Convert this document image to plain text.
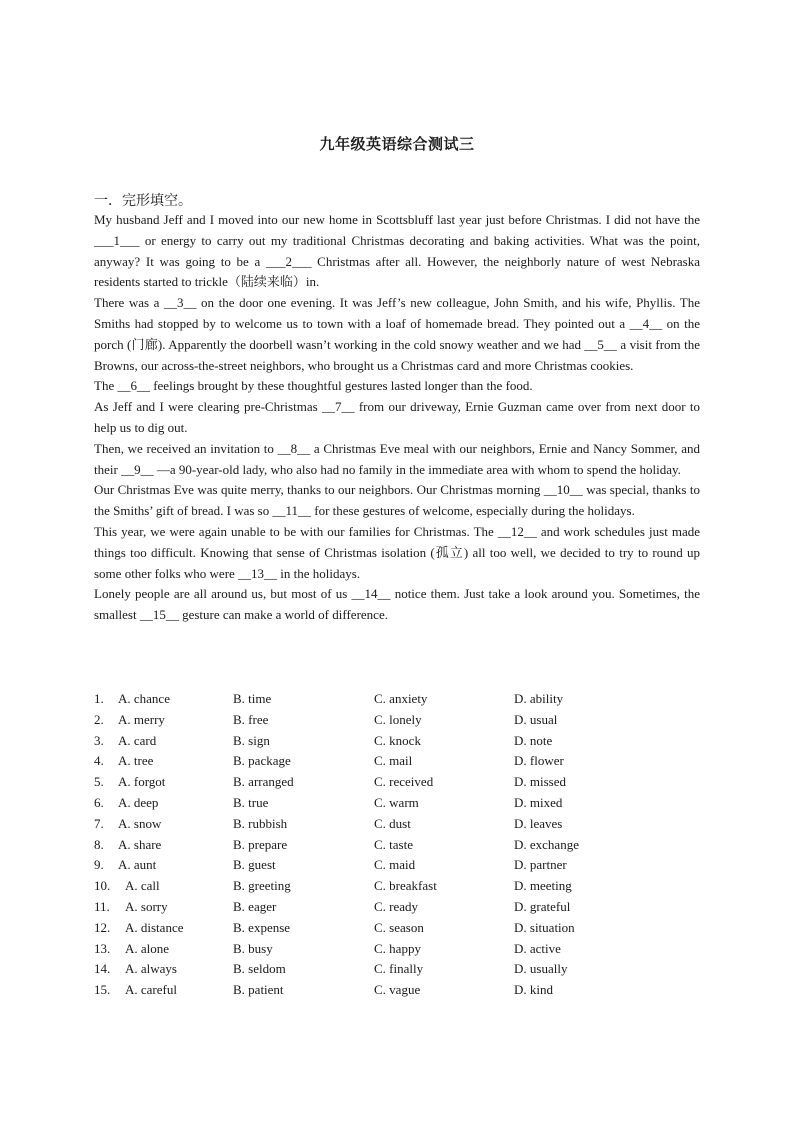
九年级英语综合测试三
一．完形填空。

My husband Jeff and I moved into our new home in Scottsbluff last year just before Christmas. I did not have the ___1___ or energy to carry out my traditional Christmas decorating and baking activities. What was the point, anyway? It was going to be a ___2___ Christmas after all. However, the neighborly nature of west Nebraska residents started to trickle（陆续来临）in.

There was a __3__ on the door one evening. It was Jeff’s new colleague, John Smith, and his wife, Phyllis. The Smiths had stopped by to welcome us to town with a loaf of homemade bread. They pointed out a __4__ on the porch (门廊). Apparently the doorbell wasn’t working in the cold snowy weather and we had __5__ a visit from the Browns, our across-the-street neighbors, who brought us a Christmas card and more Christmas cookies.

The __6__ feelings brought by these thoughtful gestures lasted longer than the food.

As Jeff and I were clearing pre-Christmas __7__ from our driveway, Ernie Guzman came over from next door to help us to dig out.

Then, we received an invitation to __8__ a Christmas Eve meal with our neighbors, Ernie and Nancy Sommer, and their __9__ —a 90-year-old lady, who also had no family in the immediate area with whom to spend the holiday.

Our Christmas Eve was quite merry, thanks to our neighbors. Our Christmas morning __10__ was special, thanks to the Smiths’ gift of bread. I was so __11__ for these gestures of welcome, especially during the holidays.

This year, we were again unable to be with our families for Christmas. The __12__ and work schedules just made things too difficult. Knowing that sense of Christmas isolation (孤立) all too well, we decided to try to round up some other folks who were __13__ in the holidays.

Lonely people are all around us, but most of us __14__ notice them. Just take a look around you. Sometimes, the smallest __15__ gesture can make a world of difference.

1. A. chance	B. time	C. anxiety	D. ability
2. A. merry	B. free	C. lonely	D. usual
3. A. card	B. sign	C. knock	D. note
4. A. tree	B. package	C. mail	D. flower
5. A. forgot	B. arranged	C. received	D. missed
6. A. deep	B. true	C. warm	D. mixed
7. A. snow	B. rubbish	C. dust	D. leaves
8. A. share	B. prepare	C. taste	D. exchange
9. A. aunt	B. guest	C. maid	D. partner
10. A. call	B. greeting	C. breakfast	D. meeting
11. A. sorry	B. eager	C. ready	D. grateful
12. A. distance	B. expense	C. season	D. situation
13. A. alone	B. busy	C. happy	D. active
14. A. always	B. seldom	C. finally	D. usually
15. A. careful	B. patient	C. vague	D. kind
